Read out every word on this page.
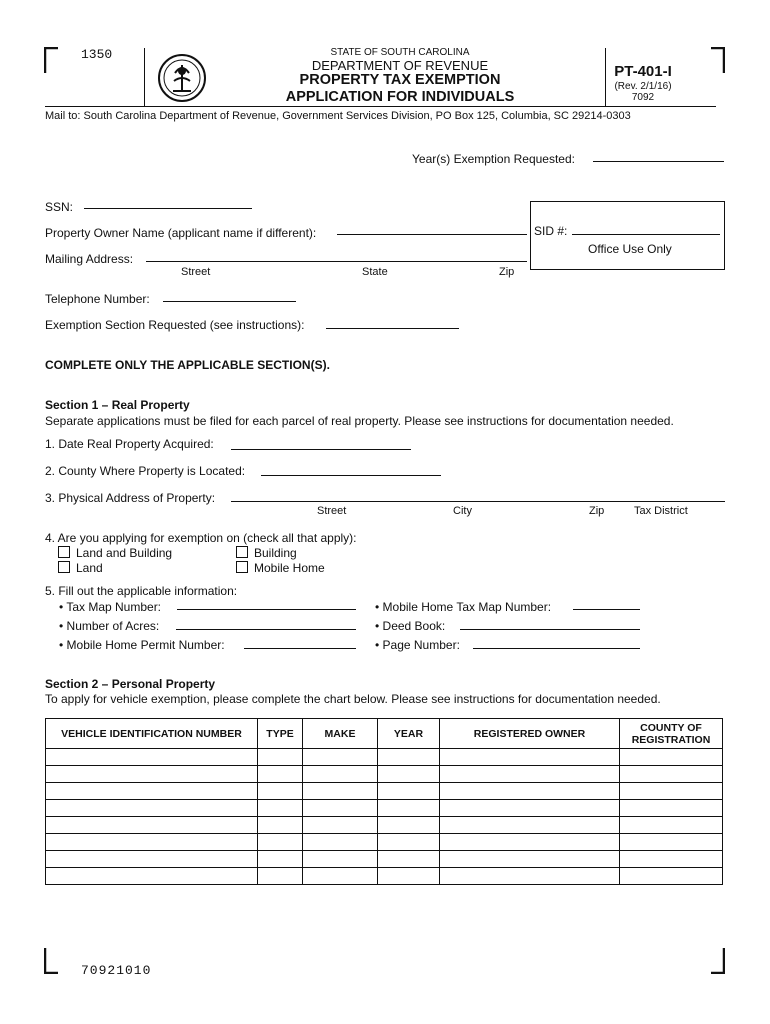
1350	STATE OF SOUTH CAROLINA
DEPARTMENT OF REVENUE
PROPERTY TAX EXEMPTION
APPLICATION FOR INDIVIDUALS
PT-401-I
(Rev. 2/1/16)
7092
Mail to: South Carolina Department of Revenue, Government Services Division, PO Box 125, Columbia, SC 29214-0303
Year(s) Exemption Requested:
SID #:
Office Use Only
SSN:
Property Owner Name (applicant name if different):
Mailing Address:
Street	State	Zip
Telephone Number:
Exemption Section Requested (see instructions):
COMPLETE ONLY THE APPLICABLE SECTION(S).
Section 1 – Real Property
Separate applications must be filed for each parcel of real property. Please see instructions for documentation needed.
1. Date Real Property Acquired:
2. County Where Property is Located:
3. Physical Address of Property:
Street	City	Zip	Tax District
4. Are you applying for exemption on (check all that apply):
Land and Building	Building
Land	Mobile Home
5. Fill out the applicable information:
• Tax Map Number:
• Number of Acres:
• Mobile Home Permit Number:
• Mobile Home Tax Map Number:
• Deed Book:
• Page Number:
Section 2 – Personal Property
To apply for vehicle exemption, please complete the chart below. Please see instructions for documentation needed.
VEHICLE IDENTIFICATION NUMBER	TYPE	MAKE	YEAR	REGISTERED OWNER	COUNTY OF REGISTRATION

70921010
